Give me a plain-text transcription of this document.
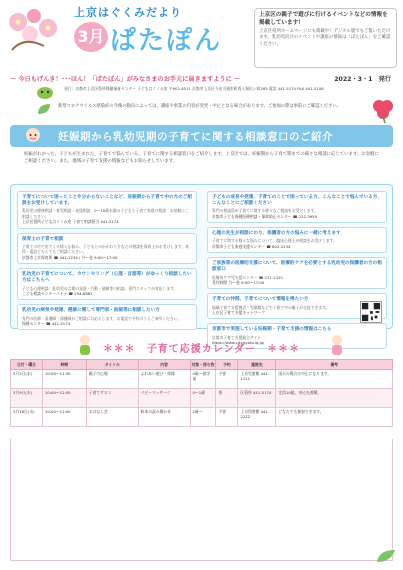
上京はぐくみだより
3月 ぱたぽん
上京区の親子で遊びに行けるイベントなどの情報を掲載しています！
上京区役所ホームページにも掲載中！デジタル版でもご覧いただけます。乳幼児向けのイベントや講座の情報は「ぱたぽん」をご確認ください。
～ 今日もげんき！･･･ほん！「ぱたぽん」がみなさまのお手元に届きますように ～	2022・3・1　発行
発行：京都市上京区役所保健福祉センター 子どもはぐくみ室 〒602-8511 京都市上京区今出川通室町西入堀出シ町285 電話 441-5174 FAX 441-5108
新型コロナウイルス感染症の今後の動向によっては、講座や事業の内容が変更・中止となる場合があります。ご参加の際は事前にご確認ください。
妊娠期から乳幼児期の子育てに関する相談窓口のご紹介
妊娠がわかった、子どもが生まれた、子育てで悩んでいる、子育てに関する相談窓口をご紹介します。上京区では、妊娠期から子育て期までの様々な相談に応じています。お気軽にご相談ください。また、地域の子育て支援の情報などもお知らせしています。
子育てについて困ったことや分からないことなど、妊娠期から子育て中の方のご相談をお受けしています。
乳幼児の健康相談・育児相談・発達相談、0〜18歳未満の子どもと子育て家庭の相談　お気軽にご相談ください。
上京区役所子どもはぐくみ室 子育て相談担当 441-5174
保育士の子育て相談
子育ての中で出てくる様々な悩み、子どもとのかかわり方などの相談を保育士がお受けします。来所・電話どちらでもご相談ください。
京都市上京保育所 ☎ 441-1234 / 月～金 9:00～17:00
乳幼児の子育てについて、カウンセリング（心理・言語等）がゆっくり相談したい方はこちらへ
子ども心理相談：乳幼児の言葉の発達・行動・情緒等の相談。専門スタッフが対応します。
こども相談センターパトナ ☎ 254-8881
乳幼児の病気や発達、健康に関して専門家・医師等に相談したい方
専門の医師・看護師・保健師がご相談にお応えします。お電話で予約のうえご来所ください。
保健センター ☎ 441-5174
子どもの成長や発達、子育てのことで困っている方、こんなことで悩んでいる方、こんなことにご相談ください
専門の相談員が子育てに関する様々なご相談をお受けします。
京都市子ども保健医療相談・事故防止センター ☎ 222-3955
心理の先生が相談にのり、保護者の方の悩みに一緒に考えます
子育てに関する様々な悩みについて、臨床心理士が相談をお受けします。
京都市子ども家庭支援センター ☎ 802-1234
ご家族等の医療的支援について、医療的ケアを必要とする乳幼児の保護者の方の相談窓口
医療的ケア児支援センター ☎ 231-2340
受付時間 月～金 9:00～17:00
子育ての仲間、子育てについて情報を得たい方
地域子育て支援拠点・児童館などで子育て中の親子が交流できます。
上京区子育て支援ネットワーク
京都市で実施している妊娠期・子育て支援の情報はこちら
京都市子育て支援総合サイト
https://www.city.kyoto.lg.jp/
＊＊＊　子育て応援カレンダー　＊＊＊
日付・曜日	時間	タイトル	内容	対象・持ち物	予約	連絡先	備考
3月2日(水)	10:00～11:30	親子の広場	ふれあい遊び・体操	0歳～就学前	不要	上京児童館 441-1111	雨天の場合は中止になります。
3月9日(水)	10:00～12:00	子育てサロン	ベビーマッサージ	0～1歳	要	区役所 441-5174	定員10組。申込先着順。
3月16日(水)	10:00～11:00	おはなし会	絵本の読み聞かせ	2歳～	不要	上京図書館 441-2222	どなたでも参加できます。
